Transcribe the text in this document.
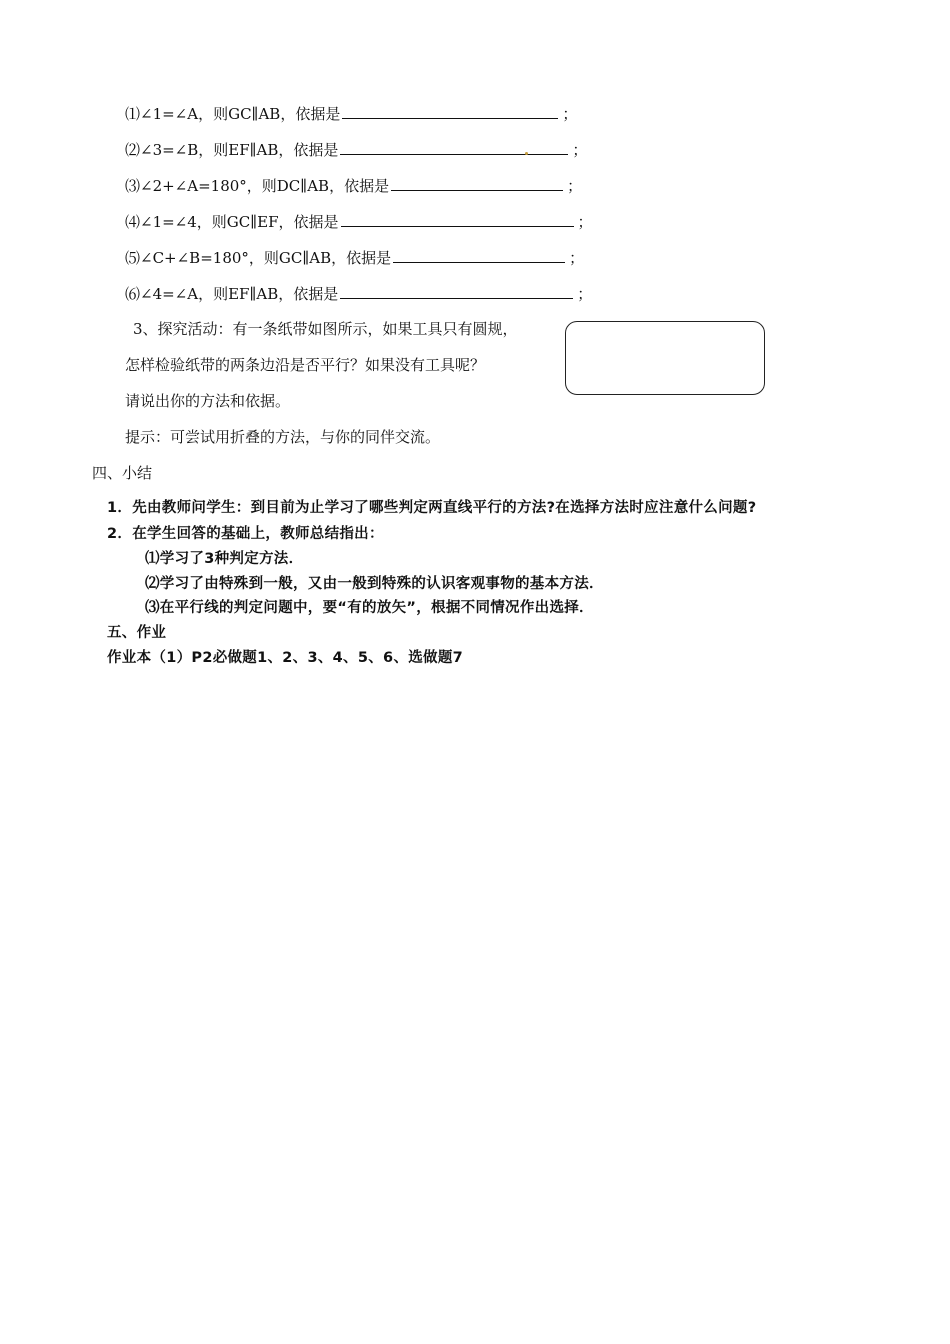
⑴∠1=∠A，则GC∥AB，依据是	；
⑵∠3=∠B，则EF∥AB，依据是	；
⑶∠2+∠A=180°，则DC∥AB，依据是	；
⑷∠1=∠4，则GC∥EF，依据是	；
⑸∠C+∠B=180°，则GC∥AB，依据是	；
⑹∠4=∠A，则EF∥AB，依据是	；
3、探究活动：有一条纸带如图所示，如果工具只有圆规，
怎样检验纸带的两条边沿是否平行？如果没有工具呢？
请说出你的方法和依据。
提示：可尝试用折叠的方法，与你的同伴交流。
四、小结
1．先由教师问学生：到目前为止学习了哪些判定两直线平行的方法?在选择方法时应注意什么问题?
2．在学生回答的基础上，教师总结指出：
⑴学习了3种判定方法．
⑵学习了由特殊到一般，又由一般到特殊的认识客观事物的基本方法．
⑶在平行线的判定问题中，要“有的放矢”，根据不同情况作出选择．
五、作业
作业本（1）P2必做题1、2、3、4、5、6、选做题7
